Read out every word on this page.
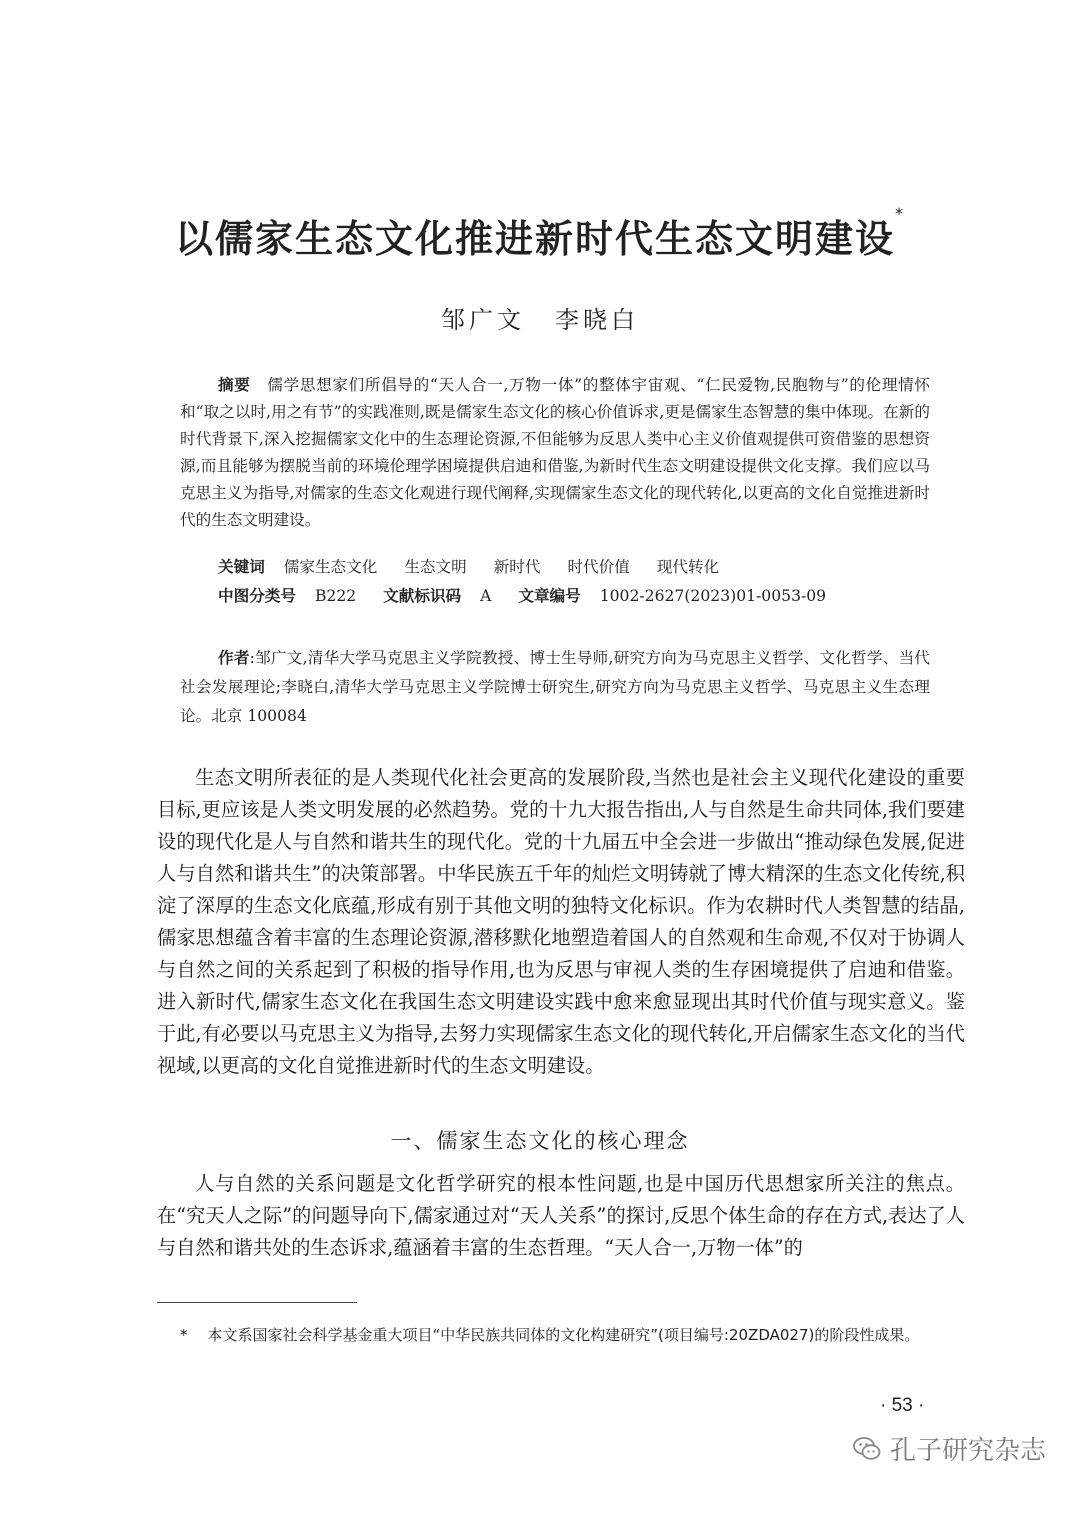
以儒家生态文化推进新时代生态文明建设*
邹广文 李晓白

摘要 儒学思想家们所倡导的“天人合一,万物一体”的整体宇宙观、“仁民爱物,民胞物与”的伦理情怀和“取之以时,用之有节”的实践准则,既是儒家生态文化的核心价值诉求,更是儒家生态智慧的集中体现。在新的时代背景下,深入挖掘儒家文化中的生态理论资源,不但能够为反思人类中心主义价值观提供可资借鉴的思想资源,而且能够为摆脱当前的环境伦理学困境提供启迪和借鉴,为新时代生态文明建设提供文化支撑。我们应以马克思主义为指导,对儒家的生态文化观进行现代阐释,实现儒家生态文化的现代转化,以更高的文化自觉推进新时代的生态文明建设。

关键词 儒家生态文化 生态文明 新时代 时代价值 现代转化
中图分类号 B222 文献标识码 A 文章编号 1002-2627(2023)01-0053-09

作者:邹广文,清华大学马克思主义学院教授、博士生导师,研究方向为马克思主义哲学、文化哲学、当代社会发展理论;李晓白,清华大学马克思主义学院博士研究生,研究方向为马克思主义哲学、马克思主义生态理论。北京 100084

生态文明所表征的是人类现代化社会更高的发展阶段,当然也是社会主义现代化建设的重要目标,更应该是人类文明发展的必然趋势。党的十九大报告指出,人与自然是生命共同体,我们要建设的现代化是人与自然和谐共生的现代化。党的十九届五中全会进一步做出“推动绿色发展,促进人与自然和谐共生”的决策部署。中华民族五千年的灿烂文明铸就了博大精深的生态文化传统,积淀了深厚的生态文化底蕴,形成有别于其他文明的独特文化标识。作为农耕时代人类智慧的结晶,儒家思想蕴含着丰富的生态理论资源,潜移默化地塑造着国人的自然观和生命观,不仅对于协调人与自然之间的关系起到了积极的指导作用,也为反思与审视人类的生存困境提供了启迪和借鉴。进入新时代,儒家生态文化在我国生态文明建设实践中愈来愈显现出其时代价值与现实意义。鉴于此,有必要以马克思主义为指导,去努力实现儒家生态文化的现代转化,开启儒家生态文化的当代视域,以更高的文化自觉推进新时代的生态文明建设。

一、儒家生态文化的核心理念

人与自然的关系问题是文化哲学研究的根本性问题,也是中国历代思想家所关注的焦点。在“究天人之际”的问题导向下,儒家通过对“天人关系”的探讨,反思个体生命的存在方式,表达了人与自然和谐共处的生态诉求,蕴涵着丰富的生态哲理。“天人合一,万物一体”的

* 本文系国家社会科学基金重大项目“中华民族共同体的文化构建研究”(项目编号:20ZDA027)的阶段性成果。
· 53 ·
孔子研究杂志
